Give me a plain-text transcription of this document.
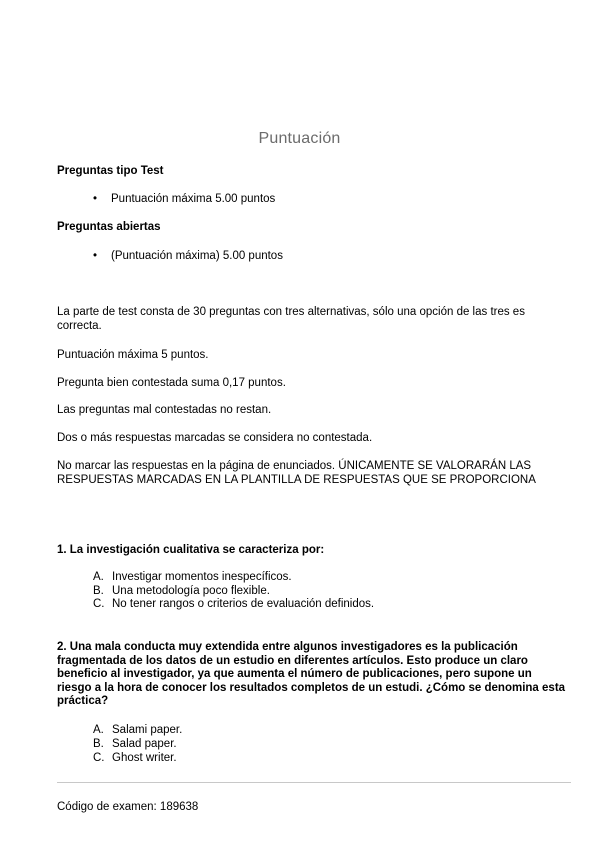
Puntuación
Preguntas tipo Test
• Puntuación máxima 5.00 puntos
Preguntas abiertas
• (Puntuación máxima) 5.00 puntos
La parte de test consta de 30 preguntas con tres alternativas, sólo una opción de las tres es correcta.
Puntuación máxima 5 puntos.
Pregunta bien contestada suma 0,17 puntos.
Las preguntas mal contestadas no restan.
Dos o más respuestas marcadas se considera no contestada.
No marcar las respuestas en la página de enunciados. ÚNICAMENTE SE VALORARÁN LAS RESPUESTAS MARCADAS EN LA PLANTILLA DE RESPUESTAS QUE SE PROPORCIONA
1. La investigación cualitativa se caracteriza por:
A. Investigar momentos inespecíficos.
B. Una metodología poco flexible.
C. No tener rangos o criterios de evaluación definidos.
2. Una mala conducta muy extendida entre algunos investigadores es la publicación fragmentada de los datos de un estudio en diferentes artículos. Esto produce un claro beneficio al investigador, ya que aumenta el número de publicaciones, pero supone un riesgo a la hora de conocer los resultados completos de un estudi. ¿Cómo se denomina esta práctica?
A. Salami paper.
B. Salad paper.
C. Ghost writer.
Código de examen: 189638
